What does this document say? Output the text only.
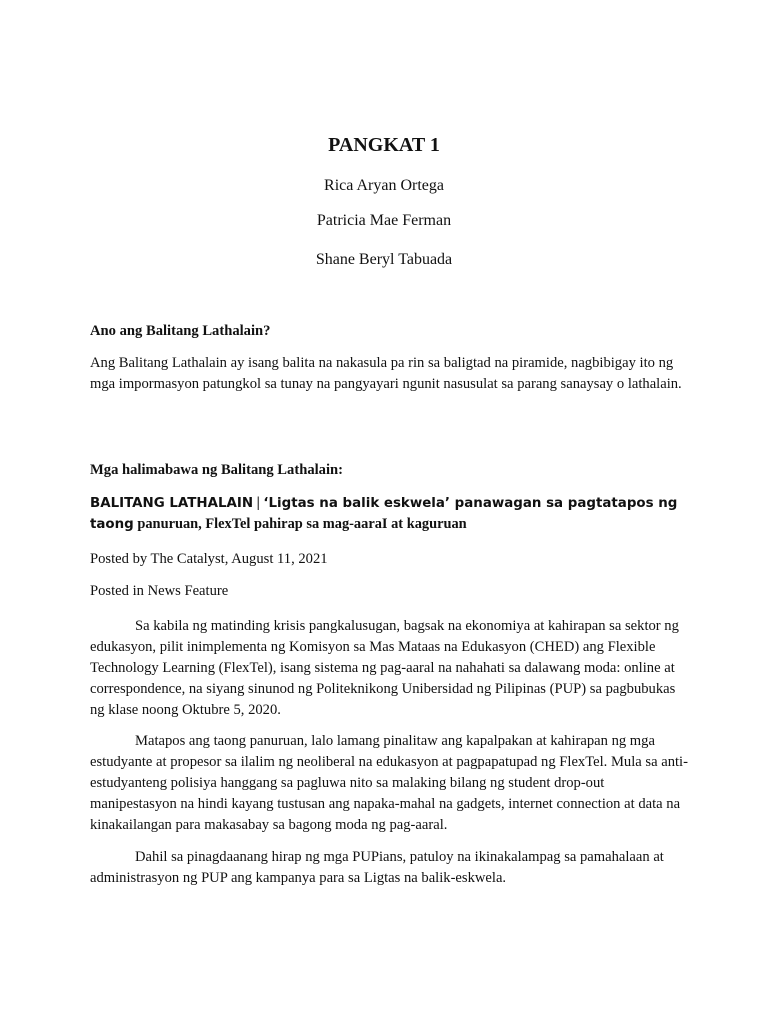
PANGKAT 1
Rica Aryan Ortega
Patricia Mae Ferman
Shane Beryl Tabuada
Ano ang Balitang Lathalain?
Ang Balitang Lathalain ay isang balita na nakasula pa rin sa baligtad na piramide, nagbibigay ito ng mga impormasyon patungkol sa tunay na pangyayari ngunit nasusulat sa parang sanaysay o lathalain.
Mga halimabawa ng Balitang Lathalain:
BALITANG LATHALAIN | ‘Ligtas na balik eskwela’ panawagan sa pagtatapos ng taong panuruan, FlexTel pahirap sa mag-aaraI at kaguruan
Posted by The Catalyst, August 11, 2021
Posted in News Feature
Sa kabila ng matinding krisis pangkalusugan, bagsak na ekonomiya at kahirapan sa sektor ng edukasyon, pilit inimplementa ng Komisyon sa Mas Mataas na Edukasyon (CHED) ang Flexible Technology Learning (FlexTel), isang sistema ng pag-aaral na nahahati sa dalawang moda: online at correspondence, na siyang sinunod ng Politeknikong Unibersidad ng Pilipinas (PUP) sa pagbubukas ng klase noong Oktubre 5, 2020.
Matapos ang taong panuruan, lalo lamang pinalitaw ang kapalpakan at kahirapan ng mga estudyante at propesor sa ilalim ng neoliberal na edukasyon at pagpapatupad ng FlexTel. Mula sa anti-estudyanteng polisiya hanggang sa pagluwa nito sa malaking bilang ng student drop-out manipestasyon na hindi kayang tustusan ang napaka-mahal na gadgets, internet connection at data na kinakailangan para makasabay sa bagong moda ng pag-aaral.
Dahil sa pinagdaanang hirap ng mga PUPians, patuloy na ikinakalampag sa pamahalaan at administrasyon ng PUP ang kampanya para sa Ligtas na balik-eskwela.
